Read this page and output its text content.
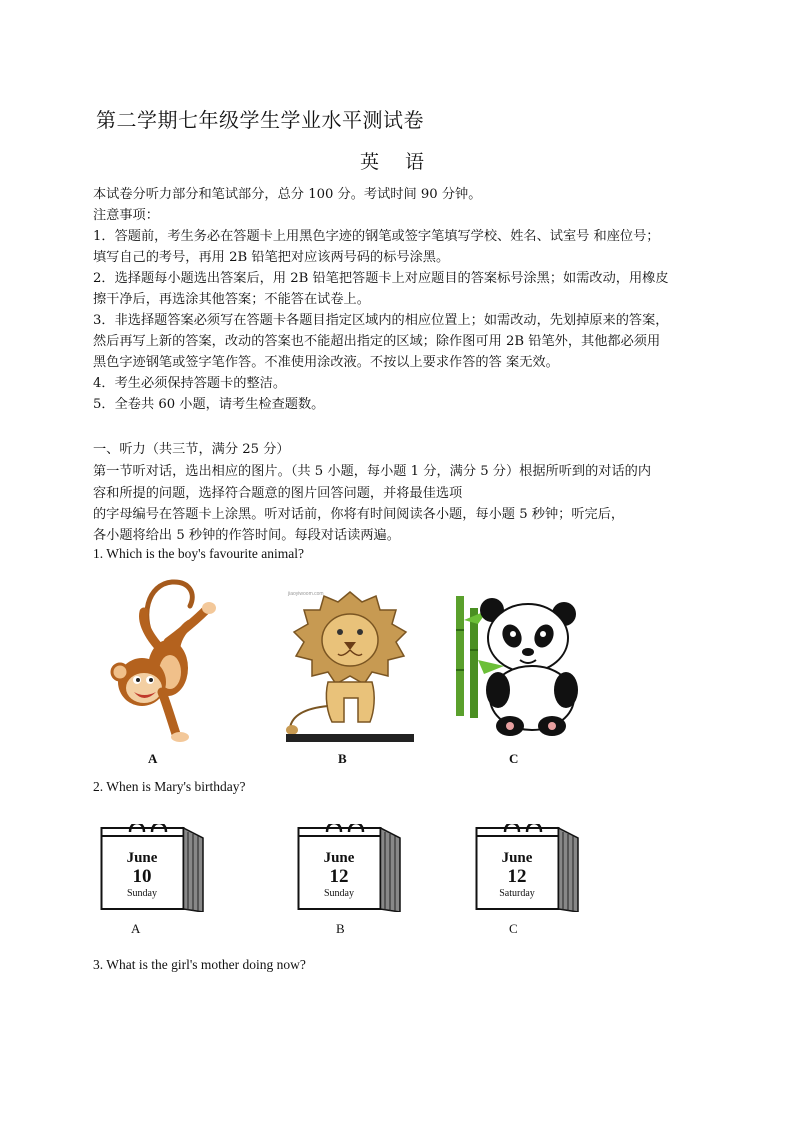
第二学期七年级学生学业水平测试卷
英 语
本试卷分听力部分和笔试部分，总分 100 分。考试时间 90 分钟。
注意事项：
1．答题前，考生务必在答题卡上用黑色字迹的钢笔或签字笔填写学校、姓名、试室号 和座位号；
填写自己的考号，再用 2B 铅笔把对应该两号码的标号涂黑。
2．选择题每小题选出答案后，用 2B 铅笔把答题卡上对应题目的答案标号涂黑；如需改动，用橡皮
擦干净后，再选涂其他答案；不能答在试卷上。
3．非选择题答案必须写在答题卡各题目指定区域内的相应位置上；如需改动，先划掉原来的答案，
然后再写上新的答案，改动的答案也不能超出指定的区域；除作图可用 2B 铅笔外，其他都必须用
黑色字迹钢笔或签字笔作答。不准使用涂改液。不按以上要求作答的答 案无效。
4．考生必须保持答题卡的整洁。
5．全卷共 60 小题，请考生检查题数。
一、听力（共三节，满分 25 分）
第一节听对话，选出相应的图片。（共 5 小题，每小题 1 分，满分 5 分）根据所听到的对话的内
容和所提的问题，选择符合题意的图片回答问题，并将最佳选项
的字母编号在答题卡上涂黑。听对话前，你将有时间阅读各小题，每小题 5 秒钟；听完后，
各小题将给出 5 秒钟的作答时间。每段对话读两遍。
1. Which is the boy's favourite animal?
A
jiaoyiwoom.com
B	C
2. When is Mary's birthday?
June
10
Sunday
A
June
12
Sunday
B
June
12
Saturday
C
3. What is the girl's mother doing now?
